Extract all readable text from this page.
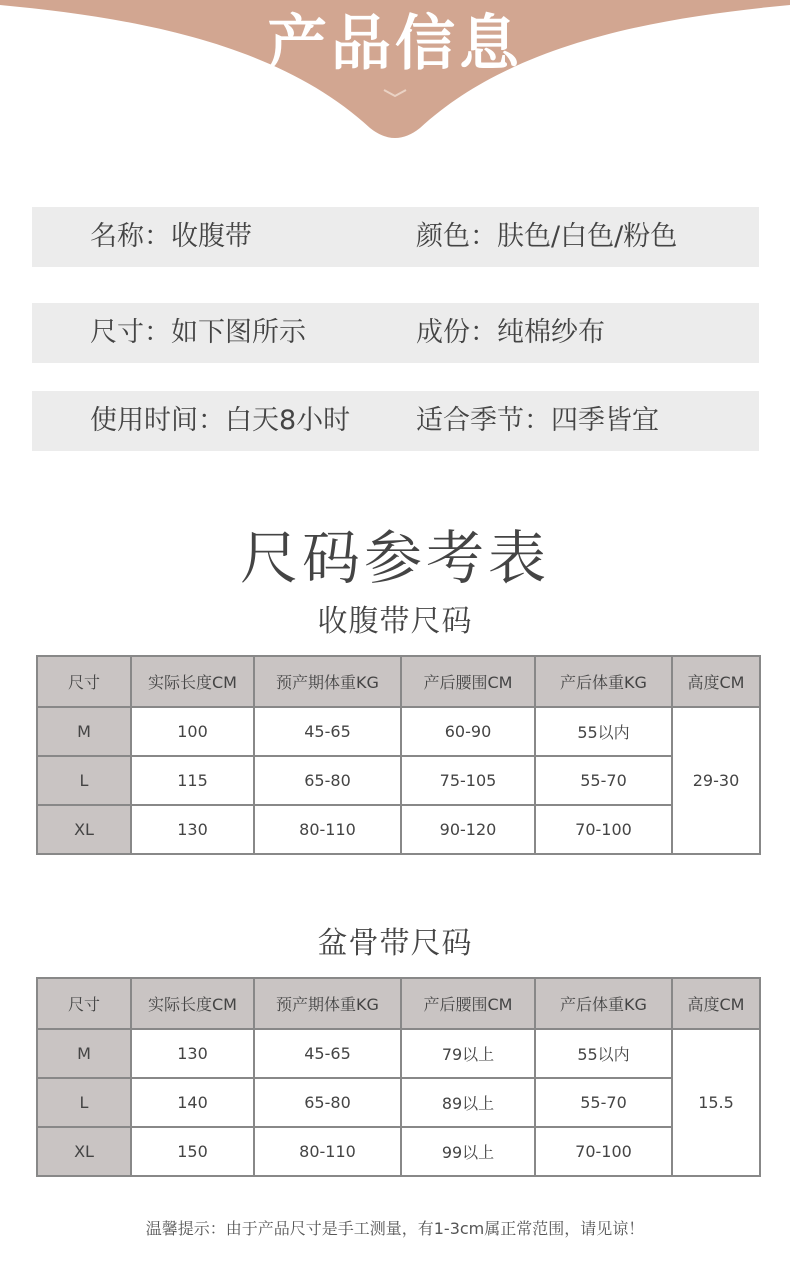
产品信息
名称：收腹带	颜色：肤色/白色/粉色
尺寸：如下图所示	成份：纯棉纱布
使用时间：白天8小时 适合季节：四季皆宜
尺码参考表
收腹带尺码
尺寸	实际长度CM	预产期体重KG	产后腰围CM	产后体重KG	高度CM
M	100	45-65	60-90	55以内	29-30
L	115	65-80	75-105	55-70	
XL	130	80-110	90-120	70-100	
盆骨带尺码
尺寸	实际长度CM	预产期体重KG	产后腰围CM	产后体重KG	高度CM
M	130	45-65	79以上	55以内	15.5
L	140	65-80	89以上	55-70	
XL	150	80-110	99以上	70-100	
温馨提示：由于产品尺寸是手工测量，有1-3cm属正常范围，请见谅！
